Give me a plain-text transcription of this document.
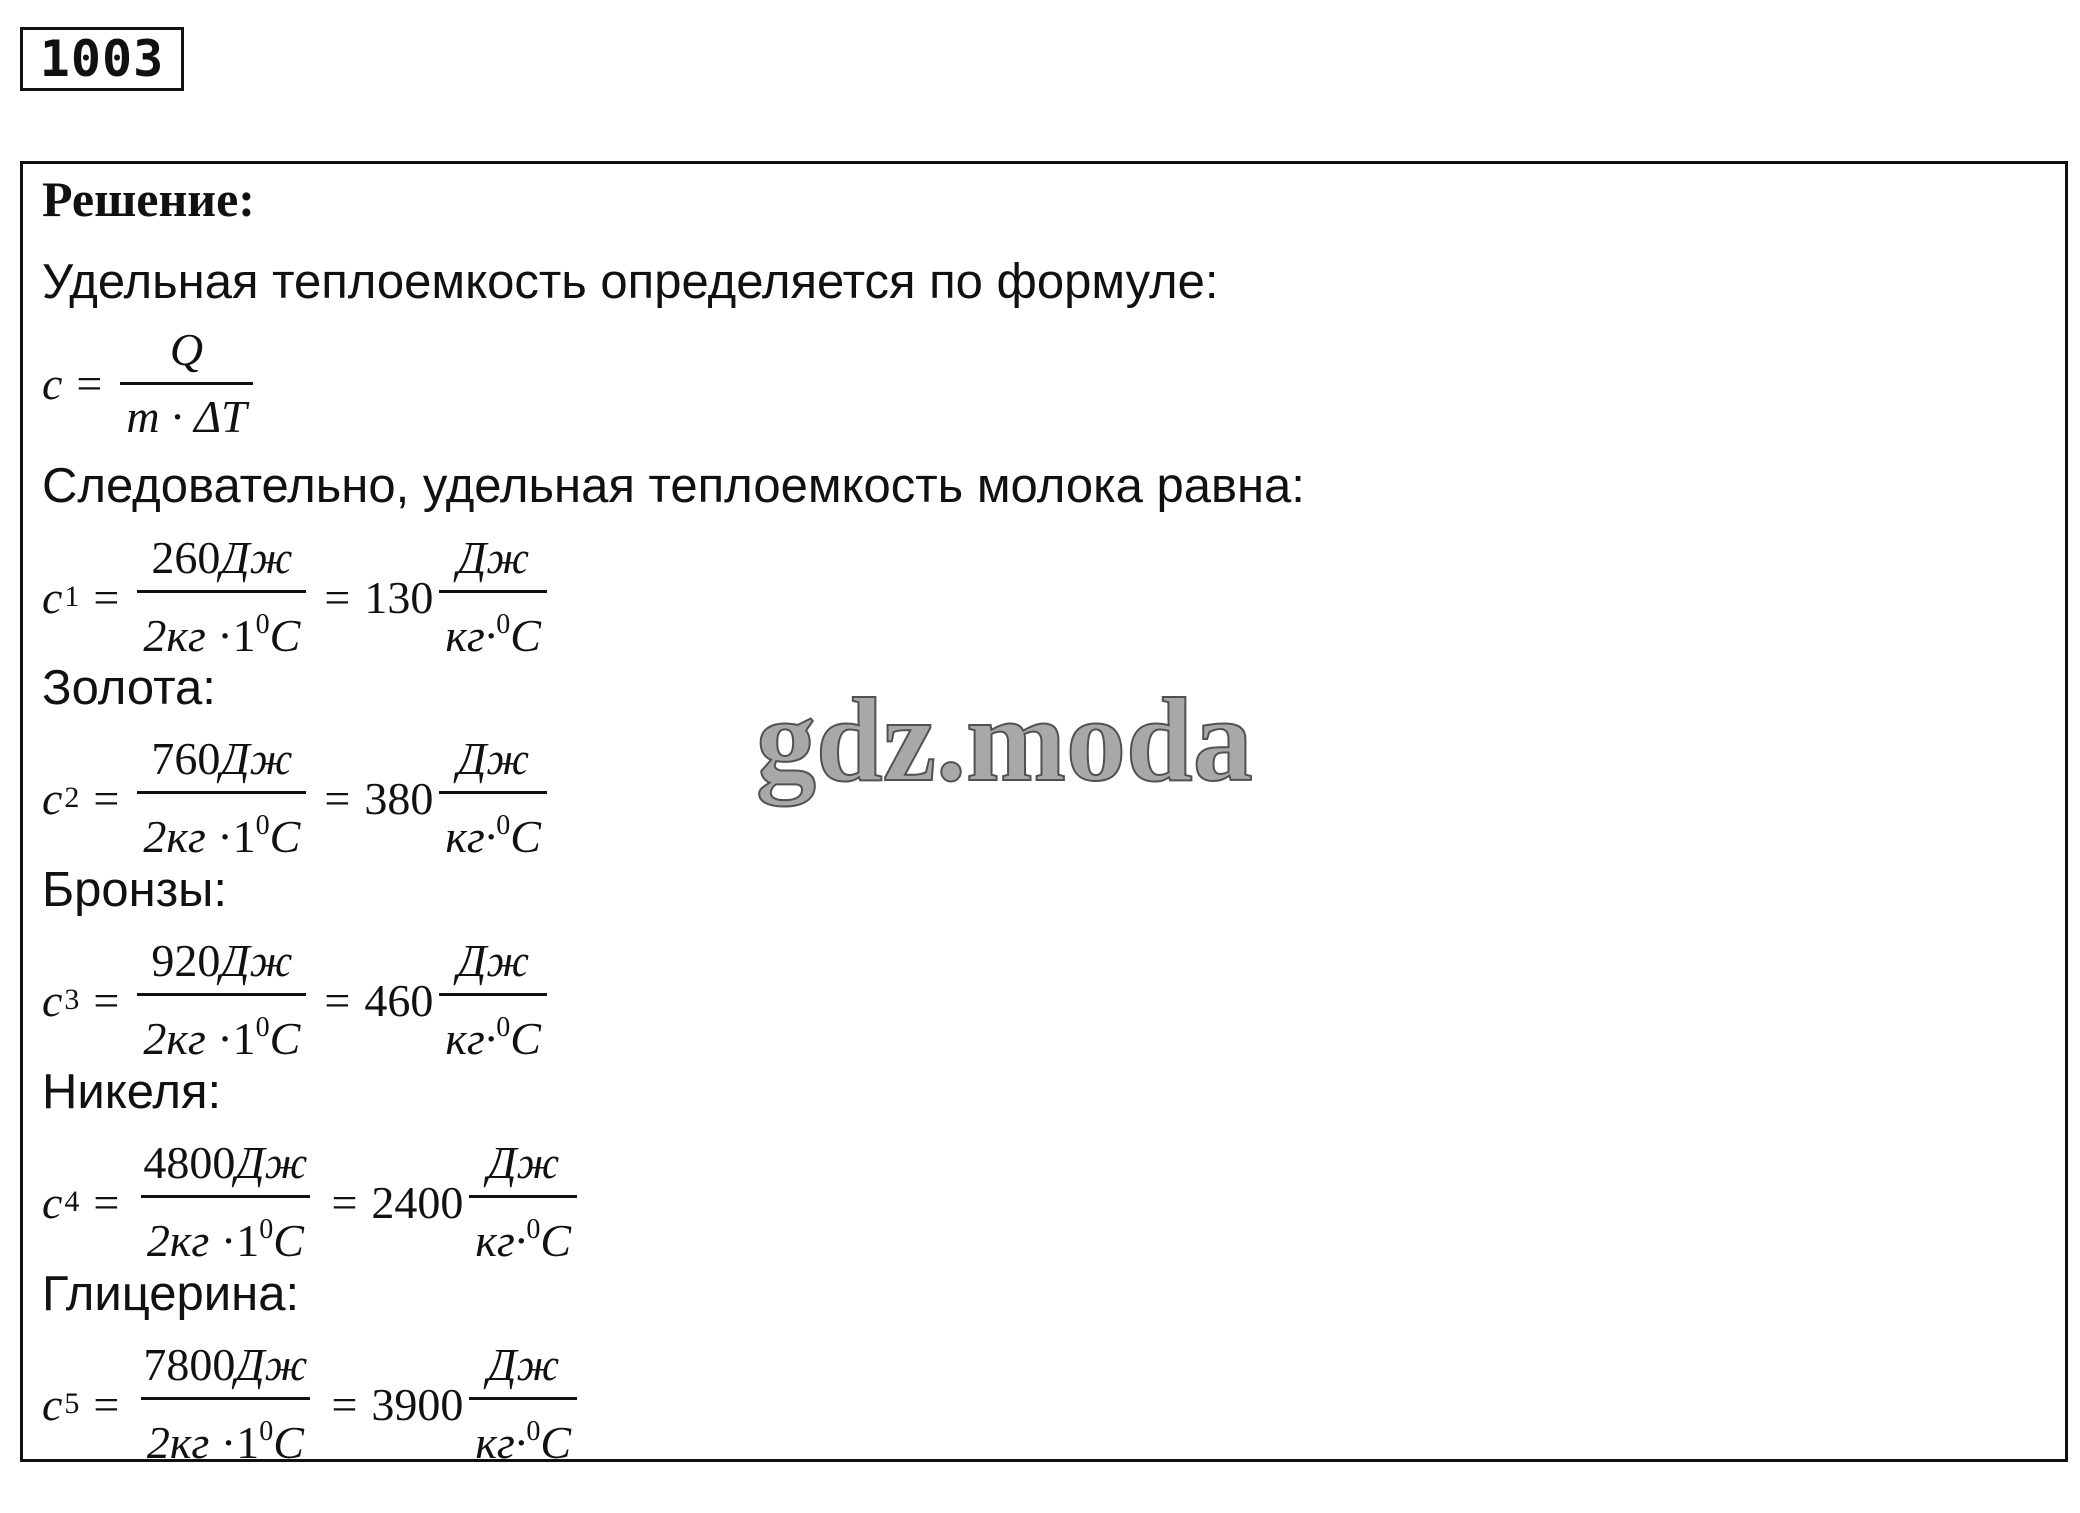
1003
Решение:
Удельная теплоемкость определяется по формуле:
$c = \frac{Q}{m \cdot \Delta T}$
Следовательно, удельная теплоемкость молока равна:
c $1 = \frac{260Дж}{2кг \cdot 1^0C} = 130 \frac{Дж}{кг\cdot^0C}$
Золота:
c $2 = \frac{760Дж}{2кг \cdot 1^0C} = 380 \frac{Дж}{кг\cdot^0C}$
Бронзы:
c $3 = \frac{920Дж}{2кг \cdot 1^0C} = 460 \frac{Дж}{кг\cdot^0C}$
Никеля:
c $4 = \frac{4800Дж}{2кг \cdot 1^0C} = 2400 \frac{Дж}{кг\cdot^0C}$
Глицерина:
c $5 = \frac{7800Дж}{2кг \cdot 1^0C} = 3900 \frac{Дж}{кг\cdot^0C}$
gdz.moda
